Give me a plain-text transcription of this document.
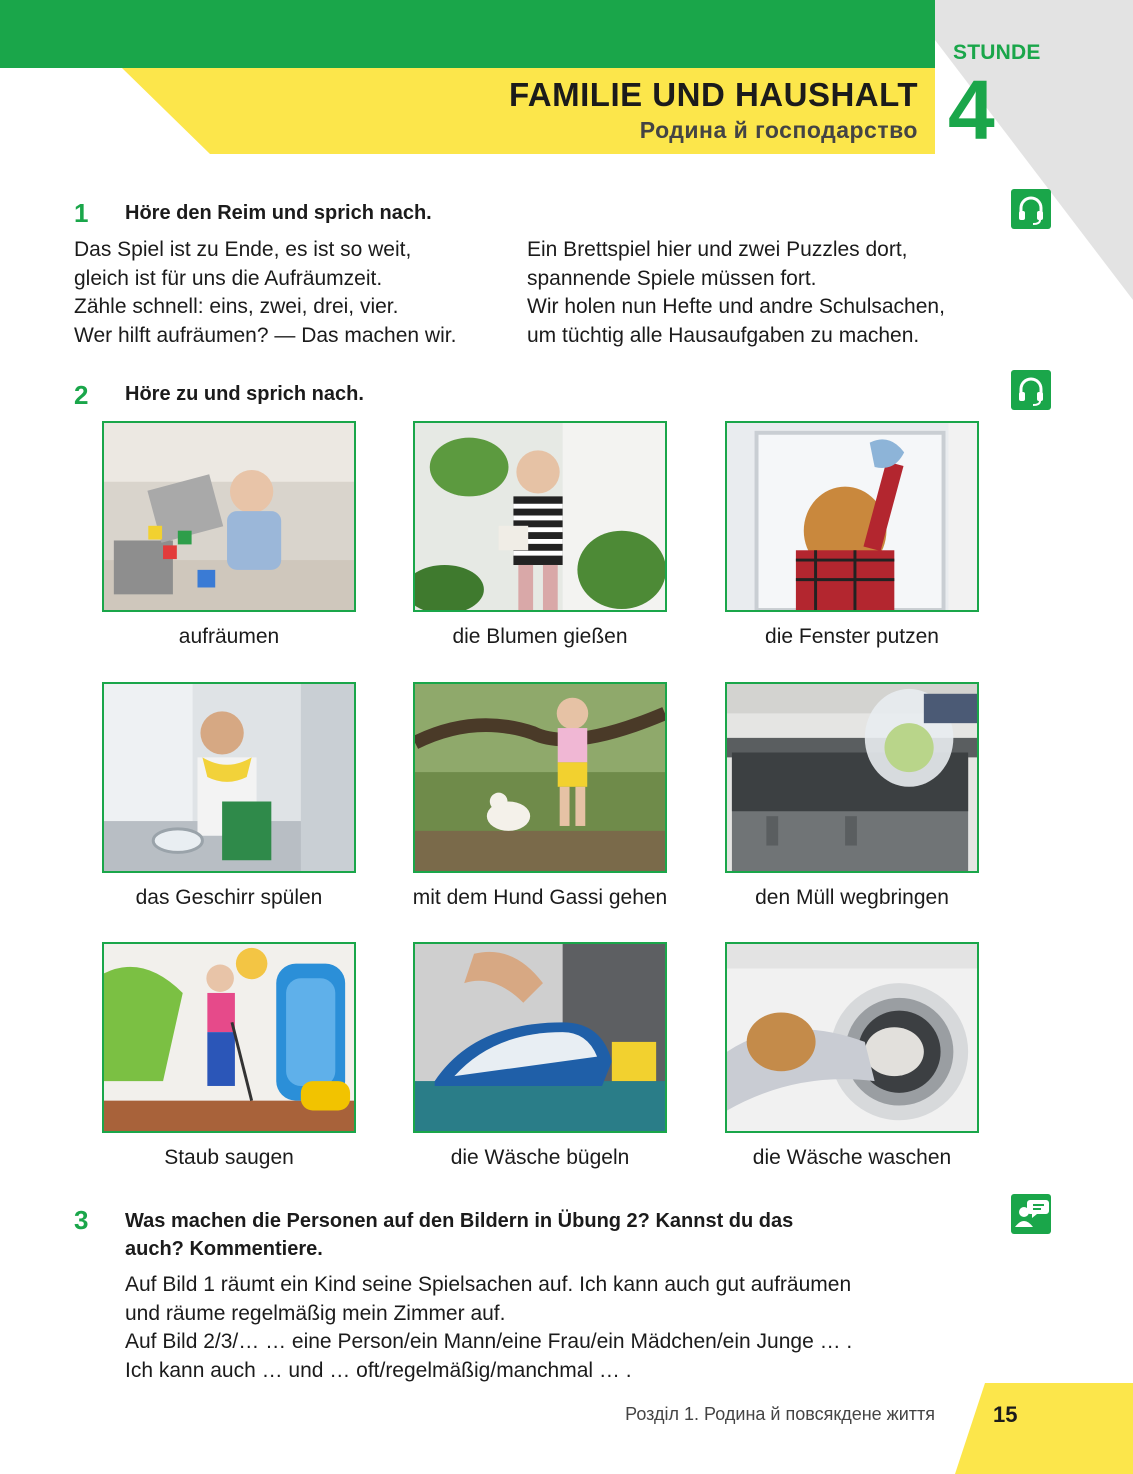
FAMILIE UND HAUSHALT
Родина й господарство
STUNDE
4
1 Höre den Reim und sprich nach.
Das Spiel ist zu Ende, es ist so weit,
gleich ist für uns die Aufräumzeit.
Zähle schnell: eins, zwei, drei, vier.
Wer hilft aufräumen? — Das machen wir.
Ein Brettspiel hier und zwei Puzzles dort,
spannende Spiele müssen fort.
Wir holen nun Hefte und andre Schulsachen,
um tüchtig alle Hausaufgaben zu machen.
2 Höre zu und sprich nach.
aufräumen	die Blumen gießen	die Fenster putzen
das Geschirr spülen	mit dem Hund Gassi gehen	den Müll wegbringen
Staub saugen	die Wäsche bügeln	die Wäsche waschen
3 Was machen die Personen auf den Bildern in Übung 2? Kannst du das
auch? Kommentiere.
Auf Bild 1 räumt ein Kind seine Spielsachen auf. Ich kann auch gut aufräumen
und räume regelmäßig mein Zimmer auf.
Auf Bild 2/3/… … eine Person/ein Mann/eine Frau/ein Mädchen/ein Junge … .
Ich kann auch … und … oft/regelmäßig/manchmal … .
Розділ 1. Родина й повсякдене життя	15
